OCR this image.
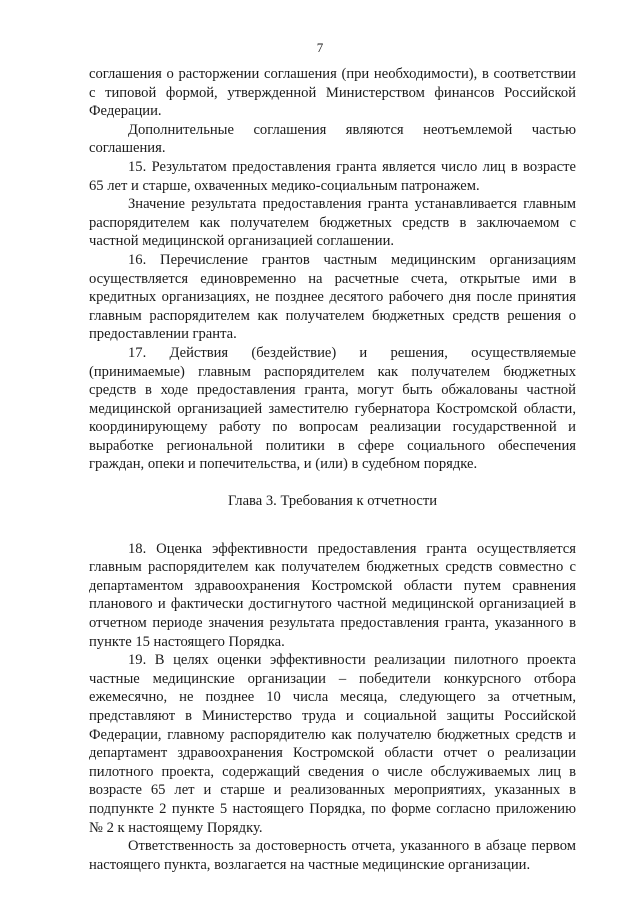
7

соглашения о расторжении соглашения (при необходимости), в соответствии с типовой формой, утвержденной Министерством финансов Российской Федерации.

Дополнительные соглашения являются неотъемлемой частью соглашения.

15. Результатом предоставления гранта является число лиц в возрасте 65 лет и старше, охваченных медико-социальным патронажем.

Значение результата предоставления гранта устанавливается главным распорядителем как получателем бюджетных средств в заключаемом с частной медицинской организацией соглашении.

16. Перечисление грантов частным медицинским организациям осуществляется единовременно на расчетные счета, открытые ими в кредитных организациях, не позднее десятого рабочего дня после принятия главным распорядителем как получателем бюджетных средств решения о предоставлении гранта.

17. Действия (бездействие) и решения, осуществляемые (принимаемые) главным распорядителем как получателем бюджетных средств в ходе предоставления гранта, могут быть обжалованы частной медицинской организацией заместителю губернатора Костромской области, координирующему работу по вопросам реализации государственной и выработке региональной политики в сфере социального обеспечения граждан, опеки и попечительства, и (или) в судебном порядке.

Глава 3. Требования к отчетности

18. Оценка эффективности предоставления гранта осуществляется главным распорядителем как получателем бюджетных средств совместно с департаментом здравоохранения Костромской области путем сравнения планового и фактически достигнутого частной медицинской организацией в отчетном периоде значения результата предоставления гранта, указанного в пункте 15 настоящего Порядка.

19. В целях оценки эффективности реализации пилотного проекта частные медицинские организации – победители конкурсного отбора ежемесячно, не позднее 10 числа месяца, следующего за отчетным, представляют в Министерство труда и социальной защиты Российской Федерации, главному распорядителю как получателю бюджетных средств и департамент здравоохранения Костромской области отчет о реализации пилотного проекта, содержащий сведения о числе обслуживаемых лиц в возрасте 65 лет и старше и реализованных мероприятиях, указанных в подпункте 2 пункте 5 настоящего Порядка, по форме согласно приложению № 2 к настоящему Порядку.

Ответственность за достоверность отчета, указанного в абзаце первом настоящего пункта, возлагается на частные медицинские организации.
